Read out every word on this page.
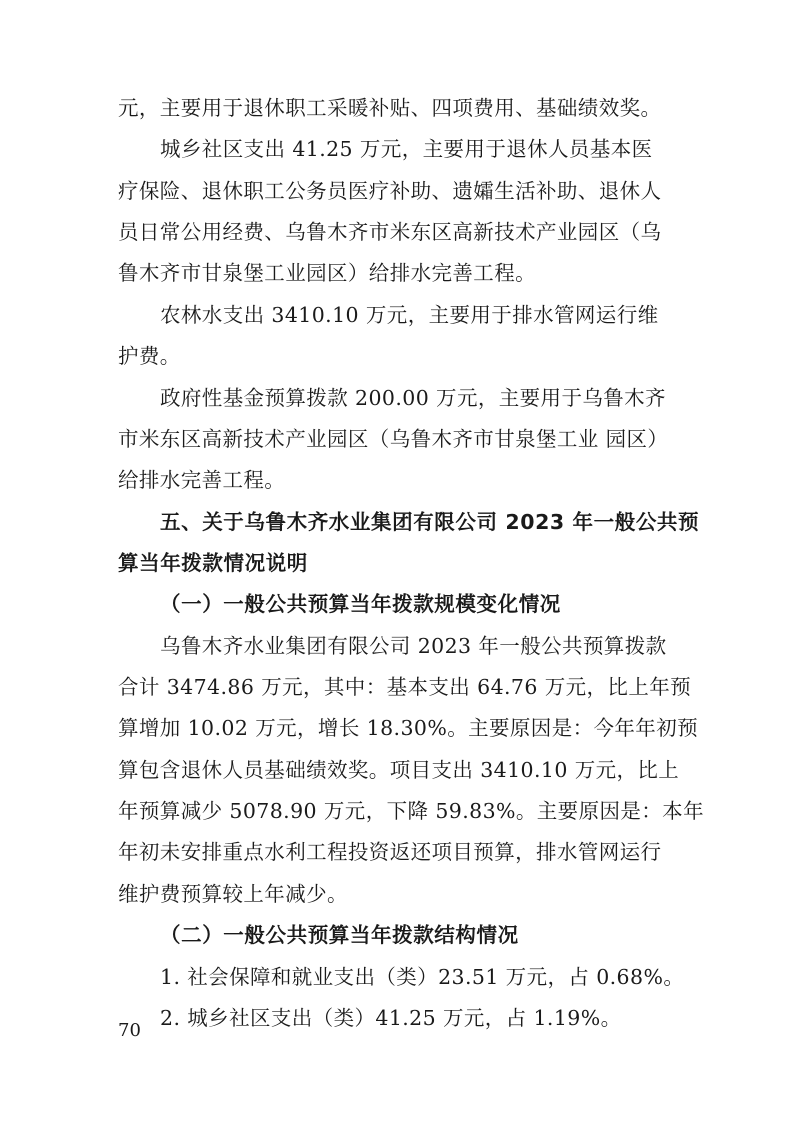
元，主要用于退休职工采暖补贴、四项费用、基础绩效奖。
城乡社区支出 41.25 万元，主要用于退休人员基本医
疗保险、退休职工公务员医疗补助、遗孀生活补助、退休人
员日常公用经费、乌鲁木齐市米东区高新技术产业园区（乌
鲁木齐市甘泉堡工业园区）给排水完善工程。
农林水支出 3410.10 万元，主要用于排水管网运行维
护费。
政府性基金预算拨款 200.00 万元，主要用于乌鲁木齐
市米东区高新技术产业园区（乌鲁木齐市甘泉堡工业 园区）
给排水完善工程。
五、关于乌鲁木齐水业集团有限公司 2023 年一般公共预
算当年拨款情况说明
（一）一般公共预算当年拨款规模变化情况
乌鲁木齐水业集团有限公司 2023 年一般公共预算拨款
合计 3474.86 万元，其中：基本支出 64.76 万元，比上年预
算增加 10.02 万元，增长 18.30%。主要原因是：今年年初预
算包含退休人员基础绩效奖。项目支出 3410.10 万元，比上
年预算减少 5078.90 万元，下降 59.83%。主要原因是：本年
年初未安排重点水利工程投资返还项目预算，排水管网运行
维护费预算较上年减少。
（二）一般公共预算当年拨款结构情况
1. 社会保障和就业支出（类）23.51 万元，占 0.68%。
2. 城乡社区支出（类）41.25 万元，占 1.19%。
70
